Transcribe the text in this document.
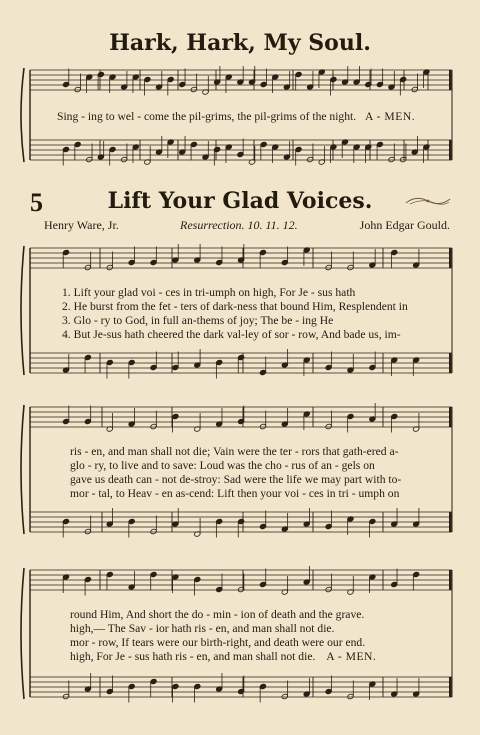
Hark, Hark, My Soul.
Sing - ing to wel - come the pil-grims, the pil-grims of the night. A - MEN.
5	Lift Your Glad Voices.
Henry Ware, Jr.	Resurrection. 10. 11. 12.	John Edgar Gould.
1. Lift your glad voi - ces in tri-umph on high, For Je - sus hath
2. He burst from the fet - ters of dark-ness that bound Him, Resplendent in
3. Glo - ry to God, in full an-thems of joy; The be - ing He
4. But Je-sus hath cheered the dark val-ley of sor - row, And bade us, im-
ris - en, and man shall not die; Vain were the ter - rors that gath-ered a-
glo - ry, to live and to save: Loud was the cho - rus of an - gels on
gave us death can - not de-stroy: Sad were the life we may part with to-
mor - tal, to Heav - en as-cend: Lift then your voi - ces in tri - umph on
round Him, And short the do - min - ion of death and the grave.
high,— The Sav - ior hath ris - en, and man shall not die.
mor - row, If tears were our birth-right, and death were our end.
high, For Je - sus hath ris - en, and man shall not die. A - MEN.
